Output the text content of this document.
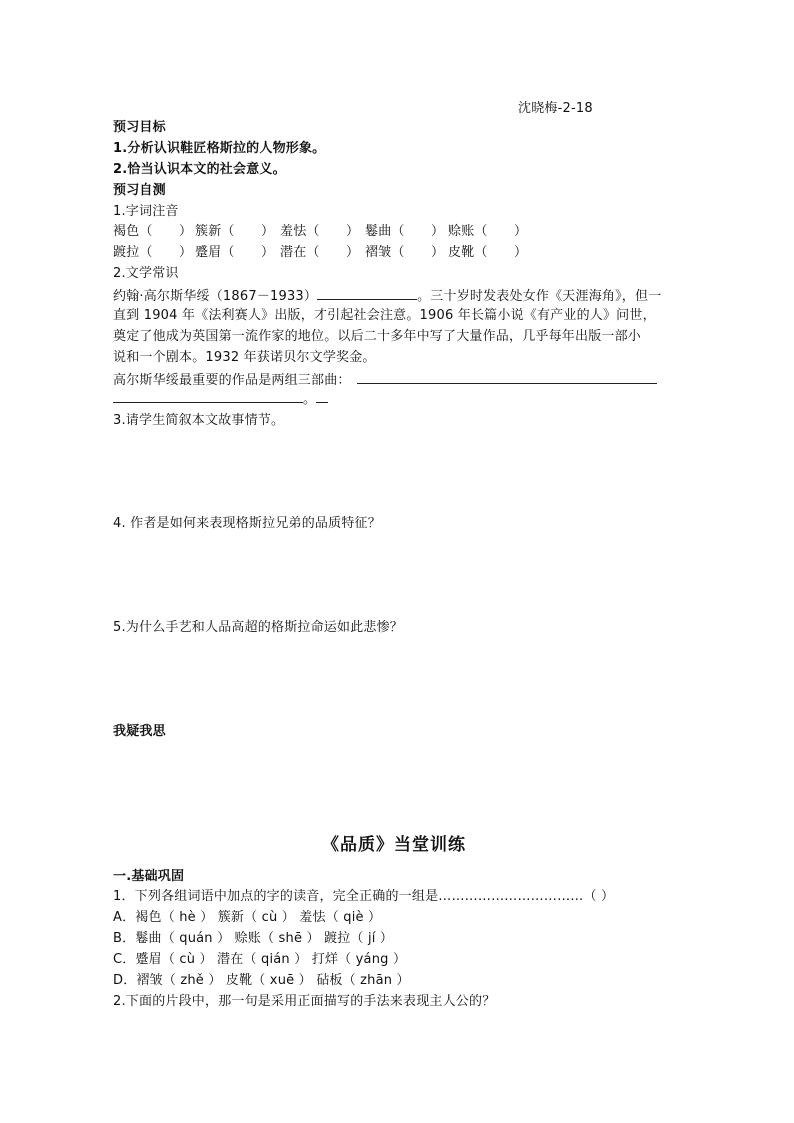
沈晓梅-2-18
预习目标
1.分析认识鞋匠格斯拉的人物形象。
2.恰当认识本文的社会意义。
预习自测
1.字词注音
褐色（　　） 簇新（　　） 羞怯（　　） 鬈曲（　　） 赊账（　　）
踱拉（　　） 蹙眉（　　） 潜在（　　） 褶皱（　　） 皮靴（　　）
2.文学常识
约翰·高尔斯华绥（1867－1933）	。三十岁时发表处女作《天涯海角》，但一
直到 1904 年《法利赛人》出版，才引起社会注意。1906 年长篇小说《有产业的人》问世，
奠定了他成为英国第一流作家的地位。以后二十多年中写了大量作品，几乎每年出版一部小
说和一个剧本。1932 年获诺贝尔文学奖金。
高尔斯华绥最重要的作品是两组三部曲：
。
3.请学生简叙本文故事情节。
4. 作者是如何来表现格斯拉兄弟的品质特征？
5.为什么手艺和人品高超的格斯拉命运如此悲惨？
我疑我思
《品质》当堂训练
一.基础巩固
1．下列各组词语中加点的字的读音，完全正确的一组是……………………………（ ）
A．褐色（ hè ） 簇新（ cù ） 羞怯（ qiè ）
B．鬈曲（ quán ） 赊账（ shē ） 踱拉（ jí ）
C．蹙眉（ cù ） 潜在（ qián ） 打烊（ yáng ）
D．褶皱（ zhě ） 皮靴（ xuē ） 砧板（ zhān ）
2.下面的片段中，那一句是采用正面描写的手法来表现主人公的？
